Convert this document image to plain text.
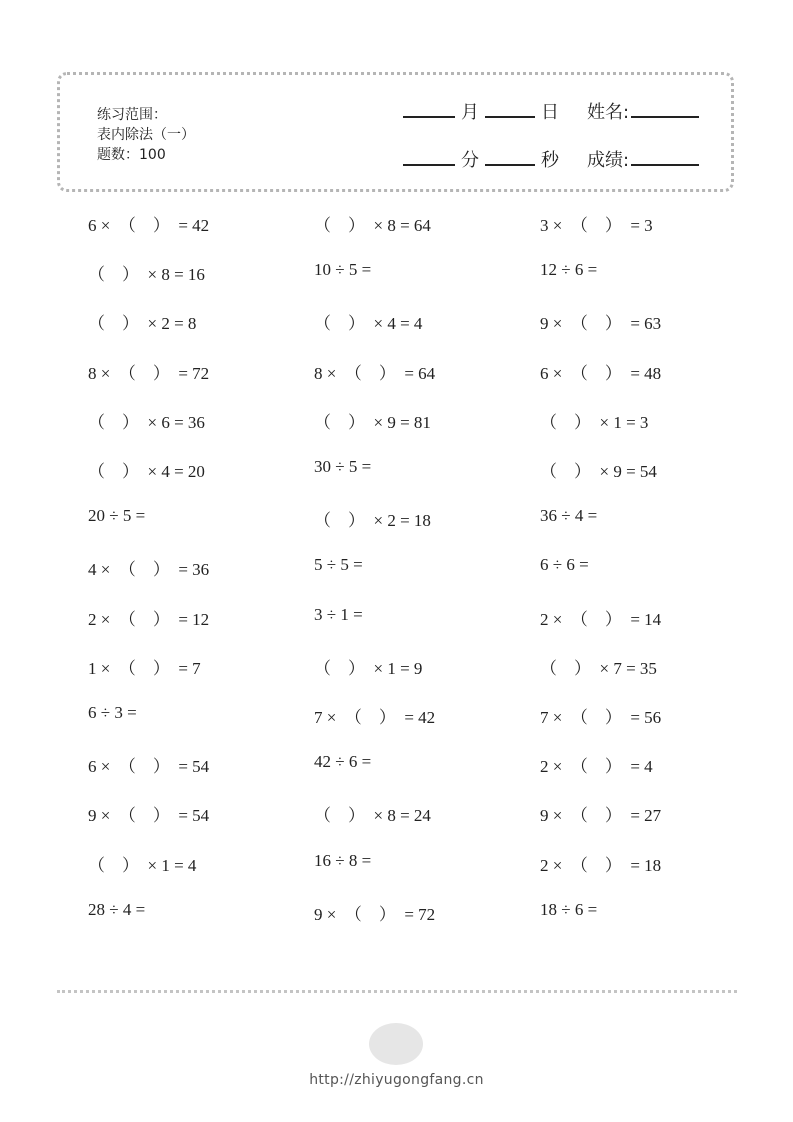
练习范围：
表内除法（一）
题数：100
月	日 姓名:
分	秒 成绩:
6 ×  （    ）  = 42	（    ）  × 8 = 64	3 ×  （    ）  = 3
（    ）  × 8 = 16	10 ÷ 5 =	12 ÷ 6 =
（    ）  × 2 = 8	（    ）  × 4 = 4	9 ×  （    ）  = 63
8 ×  （    ）  = 72	8 ×  （    ）  = 64	6 ×  （    ）  = 48
（    ）  × 6 = 36	（    ）  × 9 = 81	（    ）  × 1 = 3
（    ）  × 4 = 20	30 ÷ 5 =	（    ）  × 9 = 54
20 ÷ 5 =	（    ）  × 2 = 18	36 ÷ 4 =
4 ×  （    ）  = 36	5 ÷ 5 =	6 ÷ 6 =
2 ×  （    ）  = 12	3 ÷ 1 =	2 ×  （    ）  = 14
1 ×  （    ）  = 7	（    ）  × 1 = 9	（    ）  × 7 = 35
6 ÷ 3 =	7 ×  （    ）  = 42	7 ×  （    ）  = 56
6 ×  （    ）  = 54	42 ÷ 6 =	2 ×  （    ）  = 4
9 ×  （    ）  = 54	（    ）  × 8 = 24	9 ×  （    ）  = 27
（    ）  × 1 = 4	16 ÷ 8 =	2 ×  （    ）  = 18
28 ÷ 4 =	9 ×  （    ）  = 72	18 ÷ 6 =
http://zhiyugongfang.cn
